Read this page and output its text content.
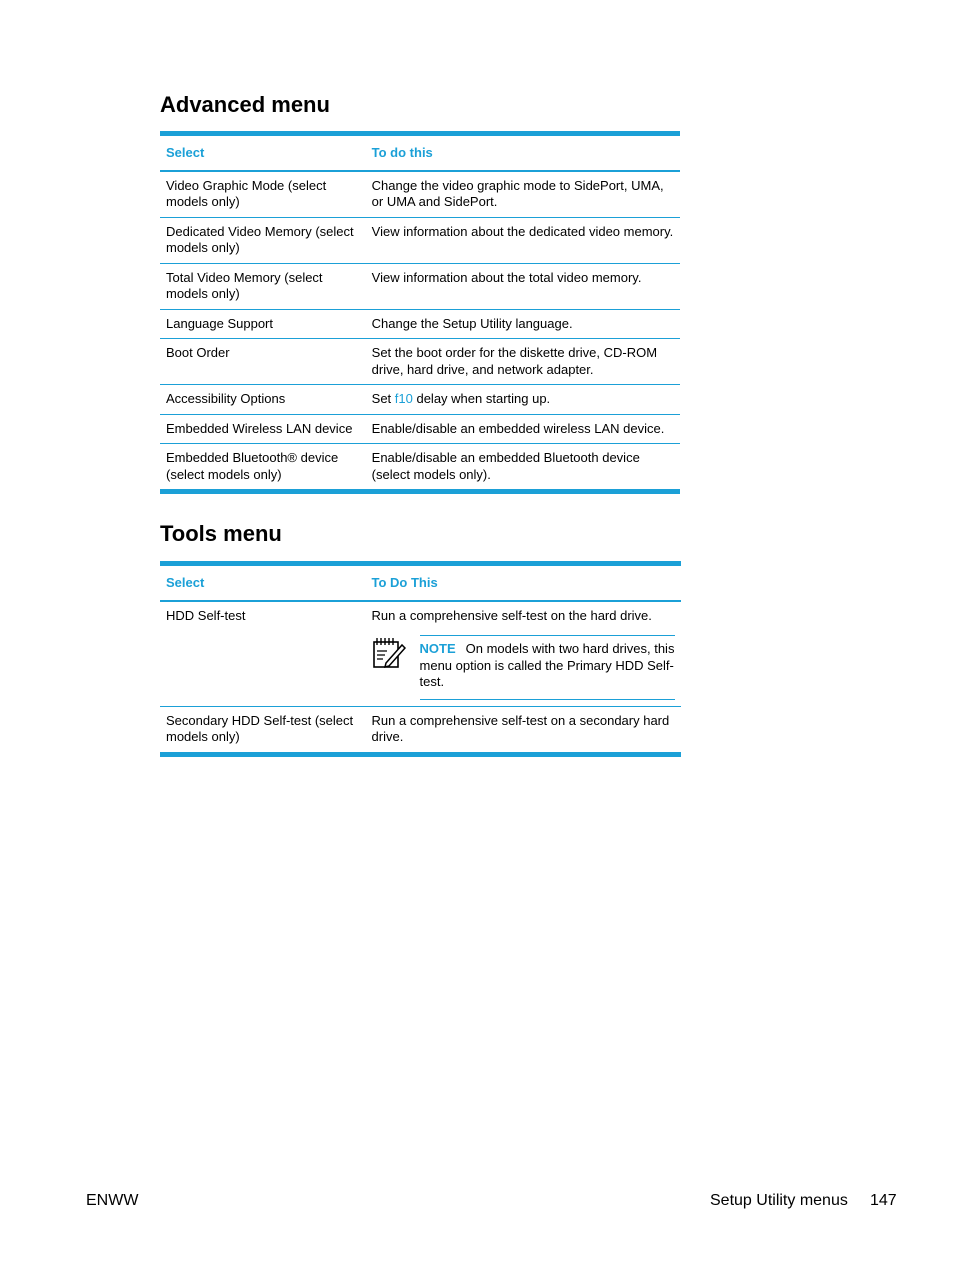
Advanced menu
Select	To do this
Video Graphic Mode (select models only)	Change the video graphic mode to SidePort, UMA, or UMA and SidePort.
Dedicated Video Memory (select models only)	View information about the dedicated video memory.
Total Video Memory (select models only)	View information about the total video memory.
Language Support	Change the Setup Utility language.
Boot Order	Set the boot order for the diskette drive, CD-ROM drive, hard drive, and network adapter.
Accessibility Options	Set f10 delay when starting up.
Embedded Wireless LAN device	Enable/disable an embedded wireless LAN device.
Embedded Bluetooth® device (select models only)	Enable/disable an embedded Bluetooth device (select models only).
Tools menu
Select	To Do This
HDD Self-test	Run a comprehensive self-test on the hard drive.
NOTE On models with two hard drives, this menu option is called the Primary HDD Self-test.

Secondary HDD Self-test (select models only)	Run a comprehensive self-test on a secondary hard drive.
ENWW	Setup Utility menus 147
